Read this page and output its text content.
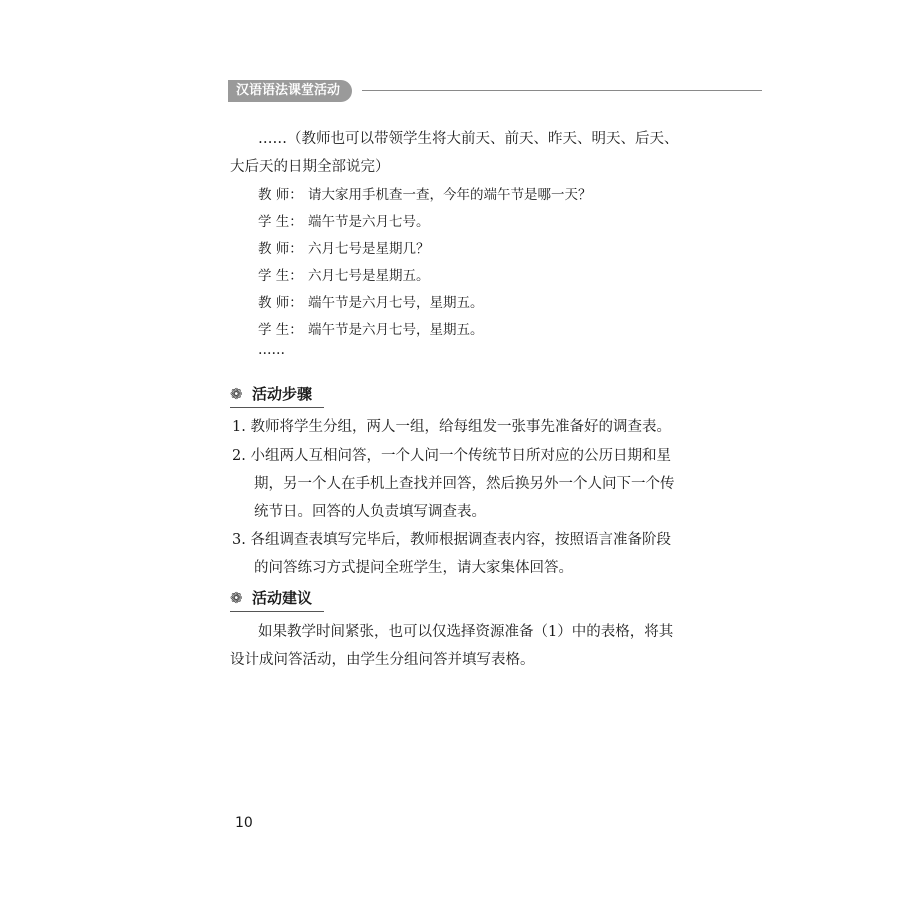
汉语语法课堂活动
……（教师也可以带领学生将大前天、前天、昨天、明天、后天、
大后天的日期全部说完）
教 师： 请大家用手机查一查，今年的端午节是哪一天？
学 生： 端午节是六月七号。
教 师： 六月七号是星期几？
学 生： 六月七号是星期五。
教 师： 端午节是六月七号，星期五。
学 生： 端午节是六月七号，星期五。
……
❁ 活动步骤
1. 教师将学生分组，两人一组，给每组发一张事先准备好的调查表。
2. 小组两人互相问答，一个人问一个传统节日所对应的公历日期和星
期，另一个人在手机上查找并回答，然后换另外一个人问下一个传
统节日。回答的人负责填写调查表。
3. 各组调查表填写完毕后，教师根据调查表内容，按照语言准备阶段
的问答练习方式提问全班学生，请大家集体回答。
❁ 活动建议
如果教学时间紧张，也可以仅选择资源准备（1）中的表格，将其
设计成问答活动，由学生分组问答并填写表格。
10
